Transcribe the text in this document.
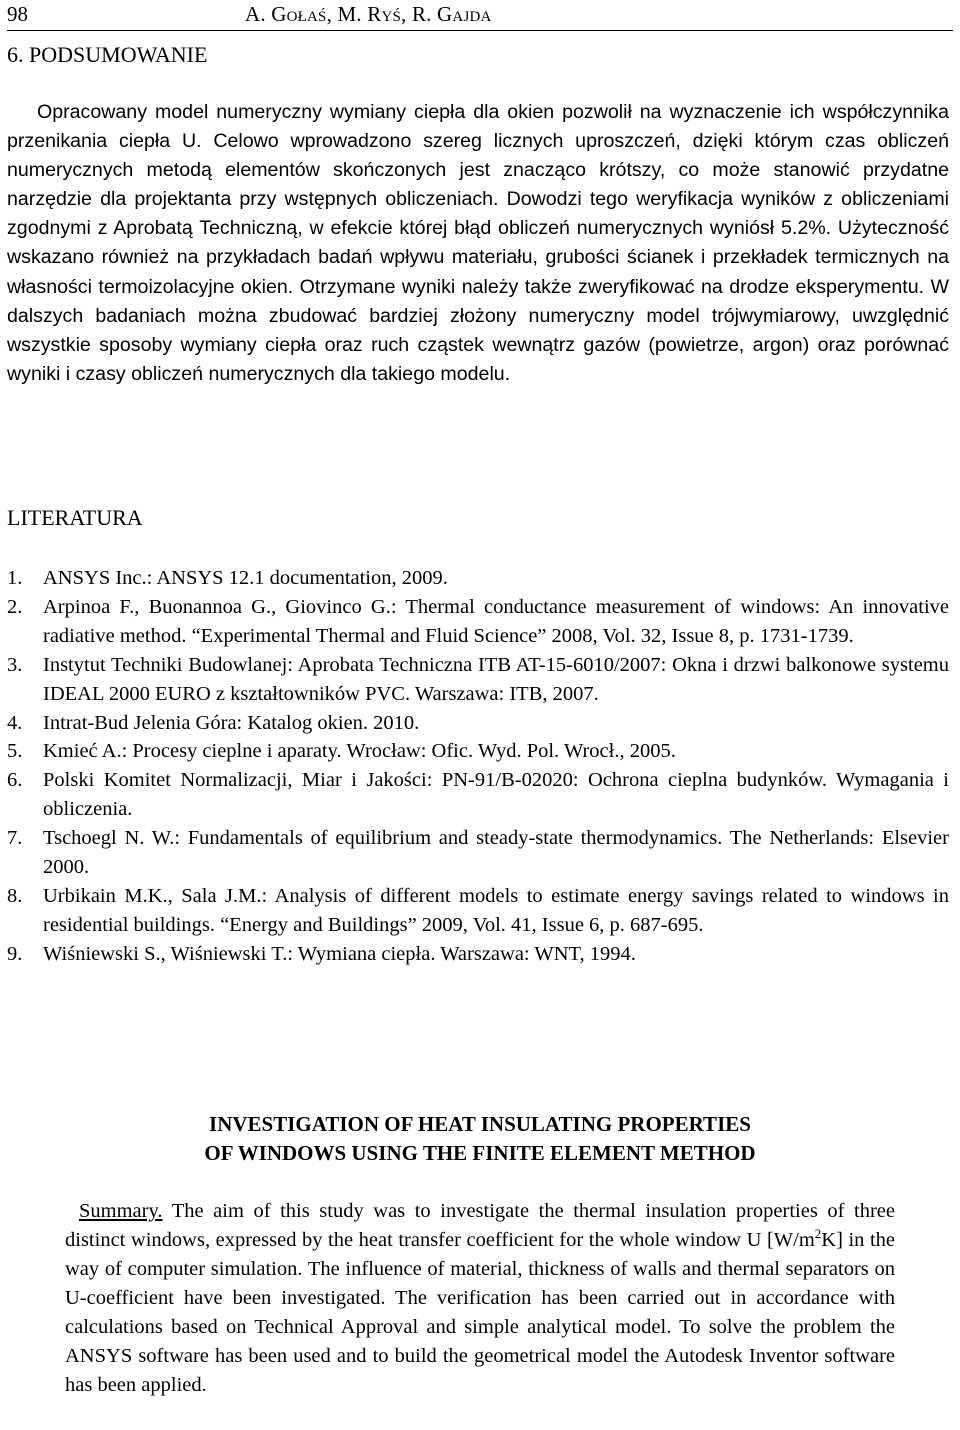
98	A. Gołaś, M. Ryś, R. Gajda
6. PODSUMOWANIE

Opracowany model numeryczny wymiany ciepła dla okien pozwolił na wyznaczenie ich współczynnika przenikania ciepła U. Celowo wprowadzono szereg licznych uproszczeń, dzięki którym czas obliczeń numerycznych metodą elementów skończonych jest znacząco krótszy, co może stanowić przydatne narzędzie dla projektanta przy wstępnych obliczeniach. Dowodzi tego weryfikacja wyników z obliczeniami zgodnymi z Aprobatą Techniczną, w efekcie której błąd obliczeń numerycznych wyniósł 5.2%. Użyteczność wskazano również na przykładach badań wpływu materiału, grubości ścianek i przekładek termicznych na własności termoizolacyjne okien. Otrzymane wyniki należy także zweryfikować na drodze eksperymentu. W dalszych badaniach można zbudować bardziej złożony numeryczny model trójwymiarowy, uwzględnić wszystkie sposoby wymiany ciepła oraz ruch cząstek wewnątrz gazów (powietrze, argon) oraz porównać wyniki i czasy obliczeń numerycznych dla takiego modelu.

LITERATURA
1. ANSYS Inc.: ANSYS 12.1 documentation, 2009.
2. Arpinoa F., Buonannoa G., Giovinco G.: Thermal conductance measurement of windows: An innovative radiative method. “Experimental Thermal and Fluid Science” 2008, Vol. 32, Issue 8, p. 1731-1739.
3. Instytut Techniki Budowlanej: Aprobata Techniczna ITB AT-15-6010/2007: Okna i drzwi balkonowe systemu IDEAL 2000 EURO z kształtowników PVC. Warszawa: ITB, 2007.
4. Intrat-Bud Jelenia Góra: Katalog okien. 2010.
5. Kmieć A.: Procesy cieplne i aparaty. Wrocław: Ofic. Wyd. Pol. Wrocł., 2005.
6. Polski Komitet Normalizacji, Miar i Jakości: PN-91/B-02020: Ochrona cieplna budynków. Wymagania i obliczenia.
7. Tschoegl N. W.: Fundamentals of equilibrium and steady-state thermodynamics. The Netherlands: Elsevier 2000.
8. Urbikain M.K., Sala J.M.: Analysis of different models to estimate energy savings related to windows in residential buildings. “Energy and Buildings” 2009, Vol. 41, Issue 6, p. 687-695.
9. Wiśniewski S., Wiśniewski T.: Wymiana ciepła. Warszawa: WNT, 1994.
INVESTIGATION OF HEAT INSULATING PROPERTIES
OF WINDOWS USING THE FINITE ELEMENT METHOD

Summary. The aim of this study was to investigate the thermal insulation properties of three distinct windows, expressed by the heat transfer coefficient for the whole window U $[W/m^2K]$ in the way of computer simulation. The influence of material, thickness of walls and thermal separators on U-coefficient have been investigated. The verification has been carried out in accordance with calculations based on Technical Approval and simple analytical model. To solve the problem the ANSYS software has been used and to build the geometrical model the Autodesk Inventor software has been applied.
